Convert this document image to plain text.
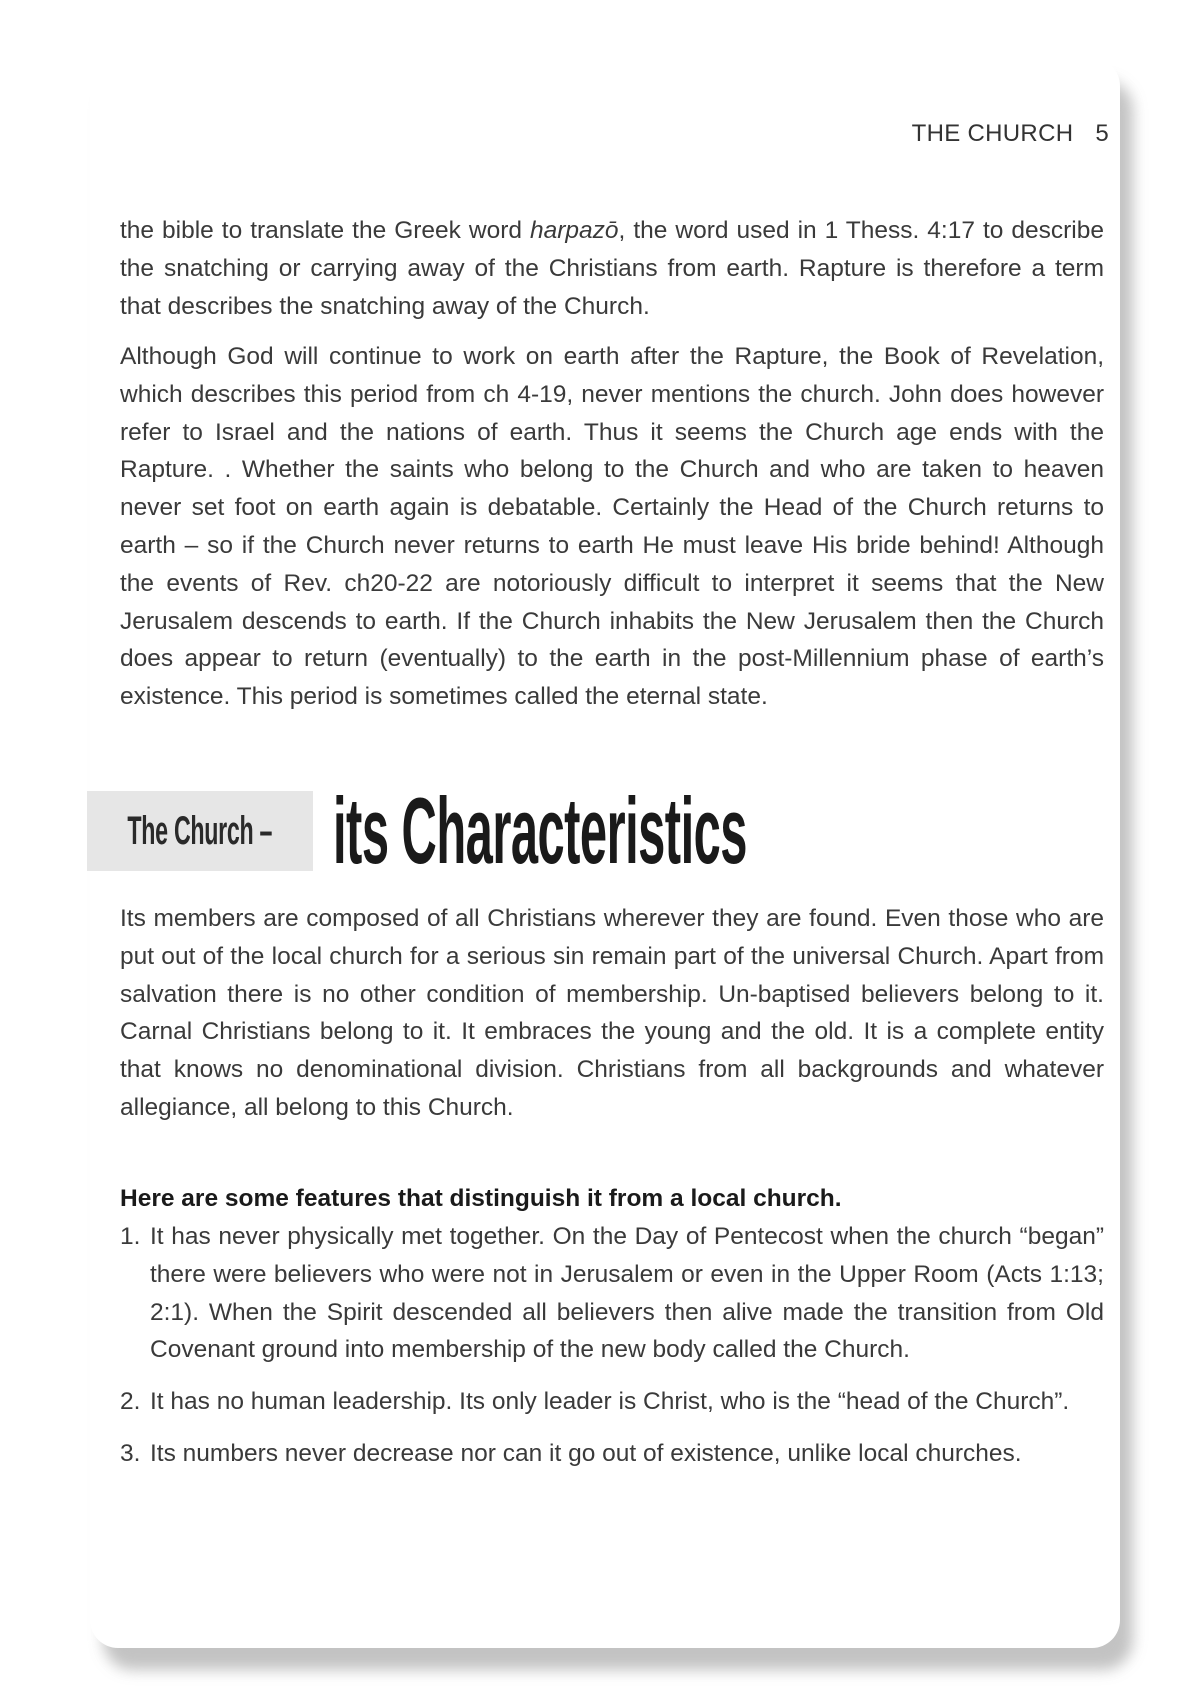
THE CHURCH 5

the bible to translate the Greek word harpazō, the word used in 1 Thess. 4:17 to describe the snatching or carrying away of the Christians from earth. Rapture is therefore a term that describes the snatching away of the Church.

Although God will continue to work on earth after the Rapture, the Book of Revelation, which describes this period from ch 4-19, never mentions the church. John does however refer to Israel and the nations of earth. Thus it seems the Church age ends with the Rapture. . Whether the saints who belong to the Church and who are taken to heaven never set foot on earth again is debatable. Certainly the Head of the Church returns to earth – so if the Church never returns to earth He must leave His bride behind! Although the events of Rev. ch20-22 are notoriously difficult to interpret it seems that the New Jerusalem descends to earth. If the Church inhabits the New Jerusalem then the Church does appear to return (eventually) to the earth in the post-Millennium phase of earth’s existence. This period is sometimes called the eternal state.

The Church – its Characteristics

Its members are composed of all Christians wherever they are found. Even those who are put out of the local church for a serious sin remain part of the universal Church. Apart from salvation there is no other condition of membership. Un-baptised believers belong to it. Carnal Christians belong to it. It embraces the young and the old. It is a complete entity that knows no denominational division. Christians from all backgrounds and whatever allegiance, all belong to this Church.

Here are some features that distinguish it from a local church.

1. It has never physically met together. On the Day of Pentecost when the church “began” there were believers who were not in Jerusalem or even in the Upper Room (Acts 1:13; 2:1). When the Spirit descended all believers then alive made the transition from Old Covenant ground into membership of the new body called the Church.
2. It has no human leadership. Its only leader is Christ, who is the “head of the Church”.
3. Its numbers never decrease nor can it go out of existence, unlike local churches.
